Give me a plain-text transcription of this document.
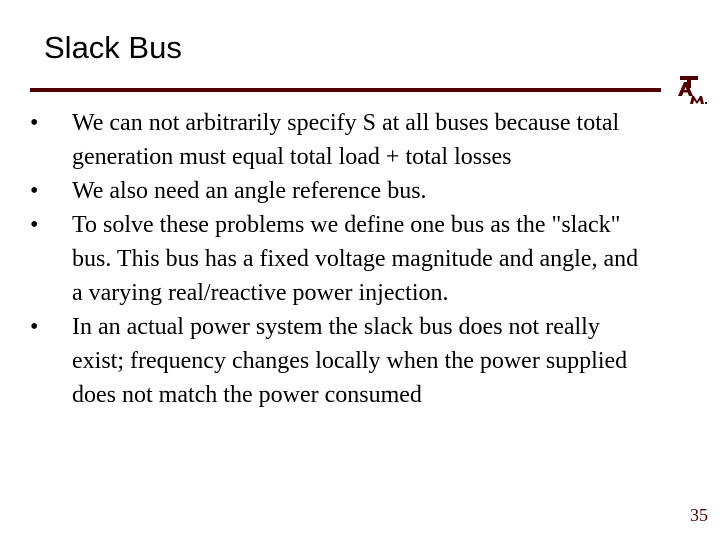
Slack Bus
•	We can not arbitrarily specify S at all buses because total generation must equal total load + total losses
•	We also need an angle reference bus.
•	To solve these problems we define one bus as the "slack" bus. This bus has a fixed voltage magnitude and angle, and a varying real/reactive power injection.
•	In an actual power system the slack bus does not really exist; frequency changes locally when the power supplied does not match the power consumed
35
